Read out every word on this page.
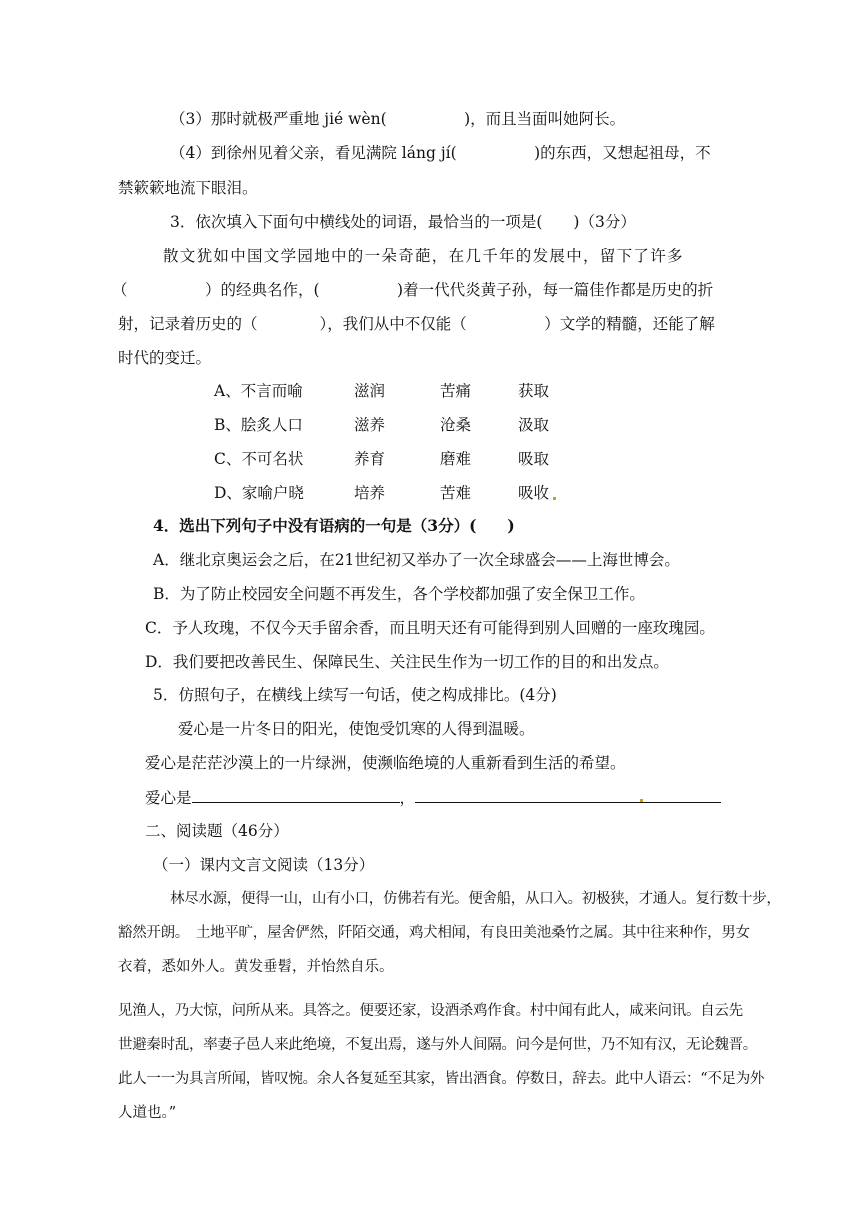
（3）那时就极严重地 jié wèn(　　　　　)，而且当面叫她阿长。
（4）到徐州见着父亲，看见满院 láng jí(　　　　　)的东西，又想起祖母，不
禁簌簌地流下眼泪。
3．依次填入下面句中横线处的词语，最恰当的一项是(　　)（3分）
散文犹如中国文学园地中的一朵奇葩，在几千年的发展中，留下了许多
（　　　　　）的经典名作，(　　　　　)着一代代炎黄子孙，每一篇佳作都是历史的折
射，记录着历史的（　　　　），我们从中不仅能（　　　　　）文学的精髓，还能了解
时代的变迁。
A、不言而喻	滋润	苦痛	获取
B、脍炙人口	滋养	沧桑	汲取
C、不可名状	养育	磨难	吸取
D、家喻户晓	培养	苦难	吸收
4．选出下列句子中没有语病的一句是（3分）(　　)
A．继北京奥运会之后，在21世纪初又举办了一次全球盛会——上海世博会。
B．为了防止校园安全问题不再发生，各个学校都加强了安全保卫工作。
C．予人玫瑰，不仅今天手留余香，而且明天还有可能得到别人回赠的一座玫瑰园。
D．我们要把改善民生、保障民生、关注民生作为一切工作的目的和出发点。
5．仿照句子，在横线上续写一句话，使之构成排比。(4分)
爱心是一片冬日的阳光，使饱受饥寒的人得到温暖。
爱心是茫茫沙漠上的一片绿洲，使濒临绝境的人重新看到生活的希望。
爱心是	，
二、阅读题（46分）
（一）课内文言文阅读（13分）
林尽水源，便得一山，山有小口，仿佛若有光。便舍船，从口入。初极狭，才通人。复行数十步，
豁然开朗。　土地平旷，屋舍俨然，阡陌交通，鸡犬相闻，有良田美池桑竹之属。其中往来种作，男女
衣着，悉如外人。黄发垂髫，并怡然自乐。
见渔人，乃大惊，问所从来。具答之。便要还家，设酒杀鸡作食。村中闻有此人，咸来问讯。自云先
世避秦时乱，率妻子邑人来此绝境，不复出焉，遂与外人间隔。问今是何世，乃不知有汉，无论魏晋。
此人一一为具言所闻，皆叹惋。余人各复延至其家，皆出酒食。停数日，辞去。此中人语云：“不足为外
人道也。”
